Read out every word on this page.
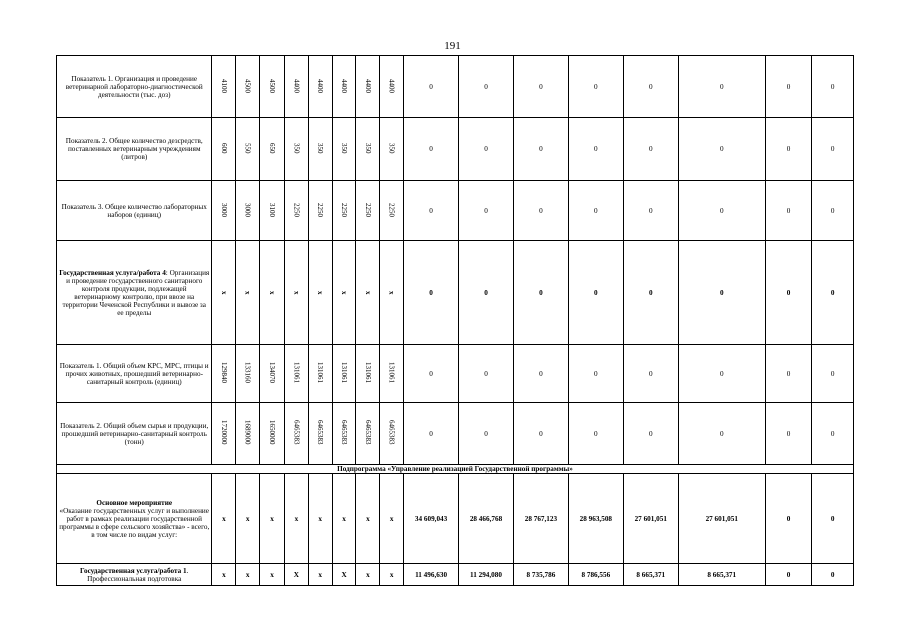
191
Показатель 1. Организация и проведение ветеринарной лабораторно-диагностической деятельности (тыс. доз)	4100	4500	4500	4400	4400	4400	4400	4400	0	0	0	0	0	0	0	0
Показатель 2. Общее количество дезсредств, поставленных ветеринарным учреждениям (литров)	600	550	650	350	350	350	350	350	0	0	0	0	0	0	0	0
Показатель 3. Общее количество лабораторных наборов (единиц)	3000	3000	3100	2250	2250	2250	2250	2250	0	0	0	0	0	0	0	0
Государственная услуга/работа 4: Организация и проведение государственного санитарного контроля продукции, подлежащей ветеринарному контролю, при ввозе на территории Чеченской Республики и вывозе за ее пределы	x	x	x	x	x	x	x	x	0	0	0	0	0	0	0	0
Показатель 1. Общий объем КРС, МРС, птицы и прочих животных, прошедший ветеринарно-санитарный контроль (единиц)	129840	133160	134070	131061	131061	131061	131061	131061	0	0	0	0	0	0	0	0
Показатель 2. Общий объем сырья и продукции, прошедший ветеринарно-санитарный контроль (тонн)	1720000	1689000	1650000	6465383	6465383	6465383	6465383	6465383	0	0	0	0	0	0	0	0
Подпрограмма «Управление реализацией Государственной программы»																
Основное мероприятие
«Оказание государственных услуг и выполнение работ в рамках реализации государственной программы в сфере сельского хозяйства» - всего, в том числе по видам услуг:	x	x	x	x	x	x	x	x	34 609,043	28 466,768	28 767,123	28 963,508	27 601,051	27 601,051	0	0
Государственная услуга/работа 1. Профессиональная подготовка	x	x	x	X	x	X	x	x	11 496,630	11 294,080	8 735,786	8 786,556	8 665,371	8 665,371	0	0
